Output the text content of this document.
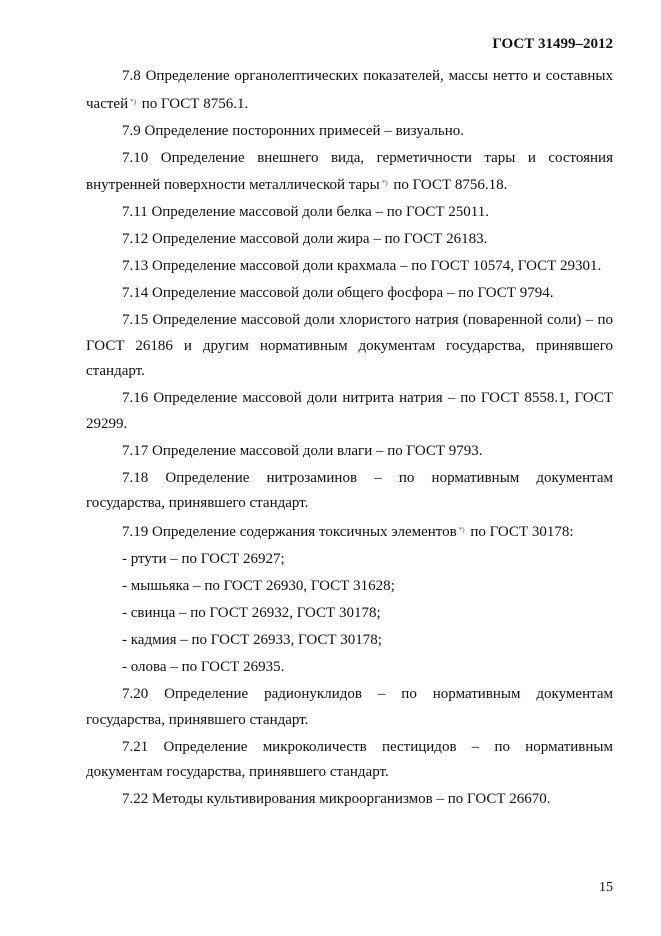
ГОСТ 31499–2012

7.8 Определение органолептических показателей, массы нетто и составных частей *) по ГОСТ 8756.1.

7.9 Определение посторонних примесей – визуально.

7.10 Определение внешнего вида, герметичности тары и состояния внутренней поверхности металлической тары *) по ГОСТ 8756.18.

7.11 Определение массовой доли белка – по ГОСТ 25011.

7.12 Определение массовой доли жира – по ГОСТ 26183.

7.13 Определение массовой доли крахмала – по ГОСТ 10574, ГОСТ 29301.

7.14 Определение массовой доли общего фосфора – по ГОСТ 9794.

7.15 Определение массовой доли хлористого натрия (поваренной соли) – по ГОСТ 26186 и другим нормативным документам государства, принявшего стандарт.

7.16 Определение массовой доли нитрита натрия – по ГОСТ 8558.1, ГОСТ 29299.

7.17 Определение массовой доли влаги – по ГОСТ 9793.

7.18 Определение нитрозаминов – по нормативным документам государства, принявшего стандарт.

7.19 Определение содержания токсичных элементов *) по ГОСТ 30178:

- ртути – по ГОСТ 26927;

- мышьяка – по ГОСТ 26930, ГОСТ 31628;

- свинца – по ГОСТ 26932, ГОСТ 30178;

- кадмия – по ГОСТ 26933, ГОСТ 30178;

- олова – по ГОСТ 26935.

7.20 Определение радионуклидов – по нормативным документам государства, принявшего стандарт.

7.21 Определение микроколичеств пестицидов – по нормативным документам государства, принявшего стандарт.

7.22 Методы культивирования микроорганизмов – по ГОСТ 26670.

15
